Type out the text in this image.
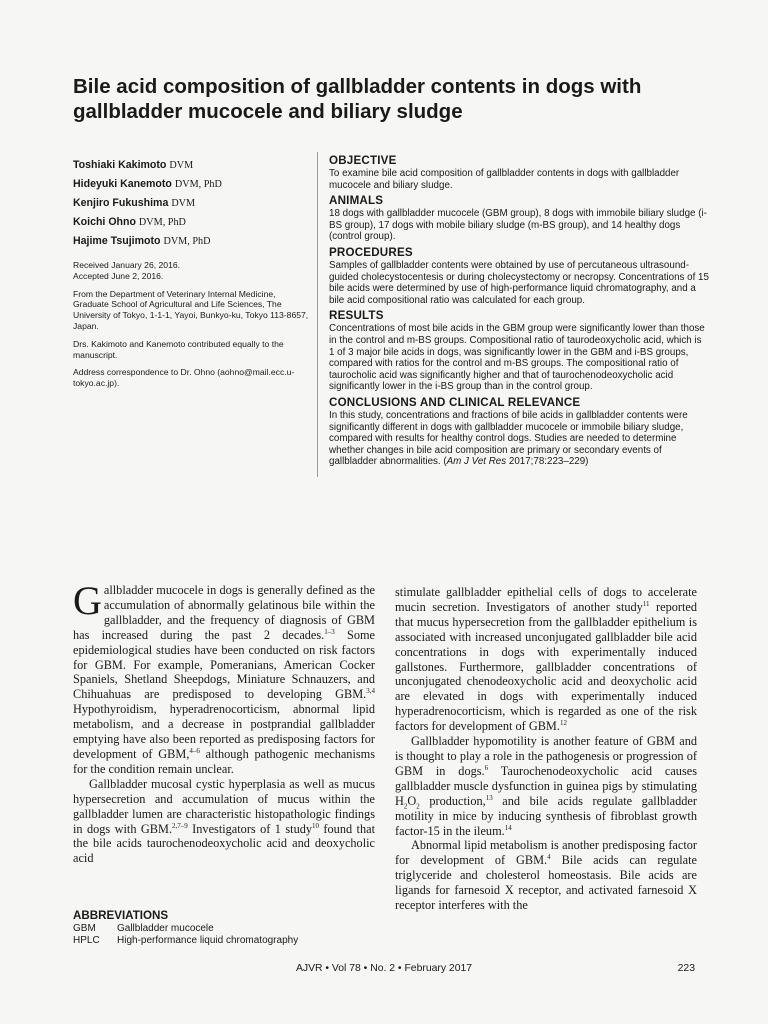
Bile acid composition of gallbladder contents in dogs with gallbladder mucocele and biliary sludge

Toshiaki Kakimoto DVM

Hideyuki Kanemoto DVM, PhD

Kenjiro Fukushima DVM

Koichi Ohno DVM, PhD

Hajime Tsujimoto DVM, PhD

Received January 26, 2016.
Accepted June 2, 2016.

From the Department of Veterinary Internal Medicine, Graduate School of Agricultural and Life Sciences, The University of Tokyo, 1-1-1, Yayoi, Bunkyo-ku, Tokyo 113-8657, Japan.

Drs. Kakimoto and Kanemoto contributed equally to the manuscript.

Address correspondence to Dr. Ohno (aohno@mail.ecc.u-tokyo.ac.jp).

OBJECTIVE

To examine bile acid composition of gallbladder contents in dogs with gallbladder mucocele and biliary sludge.

ANIMALS

18 dogs with gallbladder mucocele (GBM group), 8 dogs with immobile biliary sludge (i-BS group), 17 dogs with mobile biliary sludge (m-BS group), and 14 healthy dogs (control group).

PROCEDURES

Samples of gallbladder contents were obtained by use of percutaneous ultrasound-guided cholecystocentesis or during cholecystectomy or necropsy. Concentrations of 15 bile acids were determined by use of high-performance liquid chromatography, and a bile acid compositional ratio was calculated for each group.

RESULTS

Concentrations of most bile acids in the GBM group were significantly lower than those in the control and m-BS groups. Compositional ratio of taurodeoxycholic acid, which is 1 of 3 major bile acids in dogs, was significantly lower in the GBM and i-BS groups, compared with ratios for the control and m-BS groups. The compositional ratio of taurocholic acid was significantly higher and that of taurochenodeoxycholic acid significantly lower in the i-BS group than in the control group.

CONCLUSIONS AND CLINICAL RELEVANCE

In this study, concentrations and fractions of bile acids in gallbladder contents were significantly different in dogs with gallbladder mucocele or immobile biliary sludge, compared with results for healthy control dogs. Studies are needed to determine whether changes in bile acid composition are primary or secondary events of gallbladder abnormalities. (Am J Vet Res 2017;78:223–229)

Gallbladder mucocele in dogs is generally defined as the accumulation of abnormally gelatinous bile within the gallbladder, and the frequency of diagnosis of GBM has increased during the past 2 decades.$^{1-3}$ Some epidemiological studies have been conducted on risk factors for GBM. For example, Pomeranians, American Cocker Spaniels, Shetland Sheepdogs, Miniature Schnauzers, and Chihuahuas are predisposed to developing GBM.$^{3,4}$ Hypothyroidism, hyperadrenocorticism, abnormal lipid metabolism, and a decrease in postprandial gallbladder emptying have also been reported as predisposing factors for development of GBM,$^{4-6}$ although pathogenic mechanisms for the condition remain unclear.

Gallbladder mucosal cystic hyperplasia as well as mucus hypersecretion and accumulation of mucus within the gallbladder lumen are characteristic histopathologic findings in dogs with GBM.$^{2,7-9}$ Investigators of 1 study$^{10}$ found that the bile acids taurochenodeoxycholic acid and deoxycholic acid

ABBREVIATIONS
GBM	Gallbladder mucocele
HPLC	High-performance liquid chromatography

stimulate gallbladder epithelial cells of dogs to accelerate mucin secretion. Investigators of another study$^{11}$ reported that mucus hypersecretion from the gallbladder epithelium is associated with increased unconjugated gallbladder bile acid concentrations in dogs with experimentally induced gallstones. Furthermore, gallbladder concentrations of unconjugated chenodeoxycholic acid and deoxycholic acid are elevated in dogs with experimentally induced hyperadrenocorticism, which is regarded as one of the risk factors for development of GBM.$^{12}$

Gallbladder hypomotility is another feature of GBM and is thought to play a role in the pathogenesis or progression of GBM in dogs.$^6$ Taurochenodeoxycholic acid causes gallbladder muscle dysfunction in guinea pigs by stimulating $H_2O_2$ production,$^{13}$ and bile acids regulate gallbladder motility in mice by inducing synthesis of fibroblast growth factor-15 in the ileum.$^{14}$

Abnormal lipid metabolism is another predisposing factor for development of GBM.$^4$ Bile acids can regulate triglyceride and cholesterol homeostasis. Bile acids are ligands for farnesoid X receptor, and activated farnesoid X receptor interferes with the

AJVR • Vol 78 • No. 2 • February 2017	223
